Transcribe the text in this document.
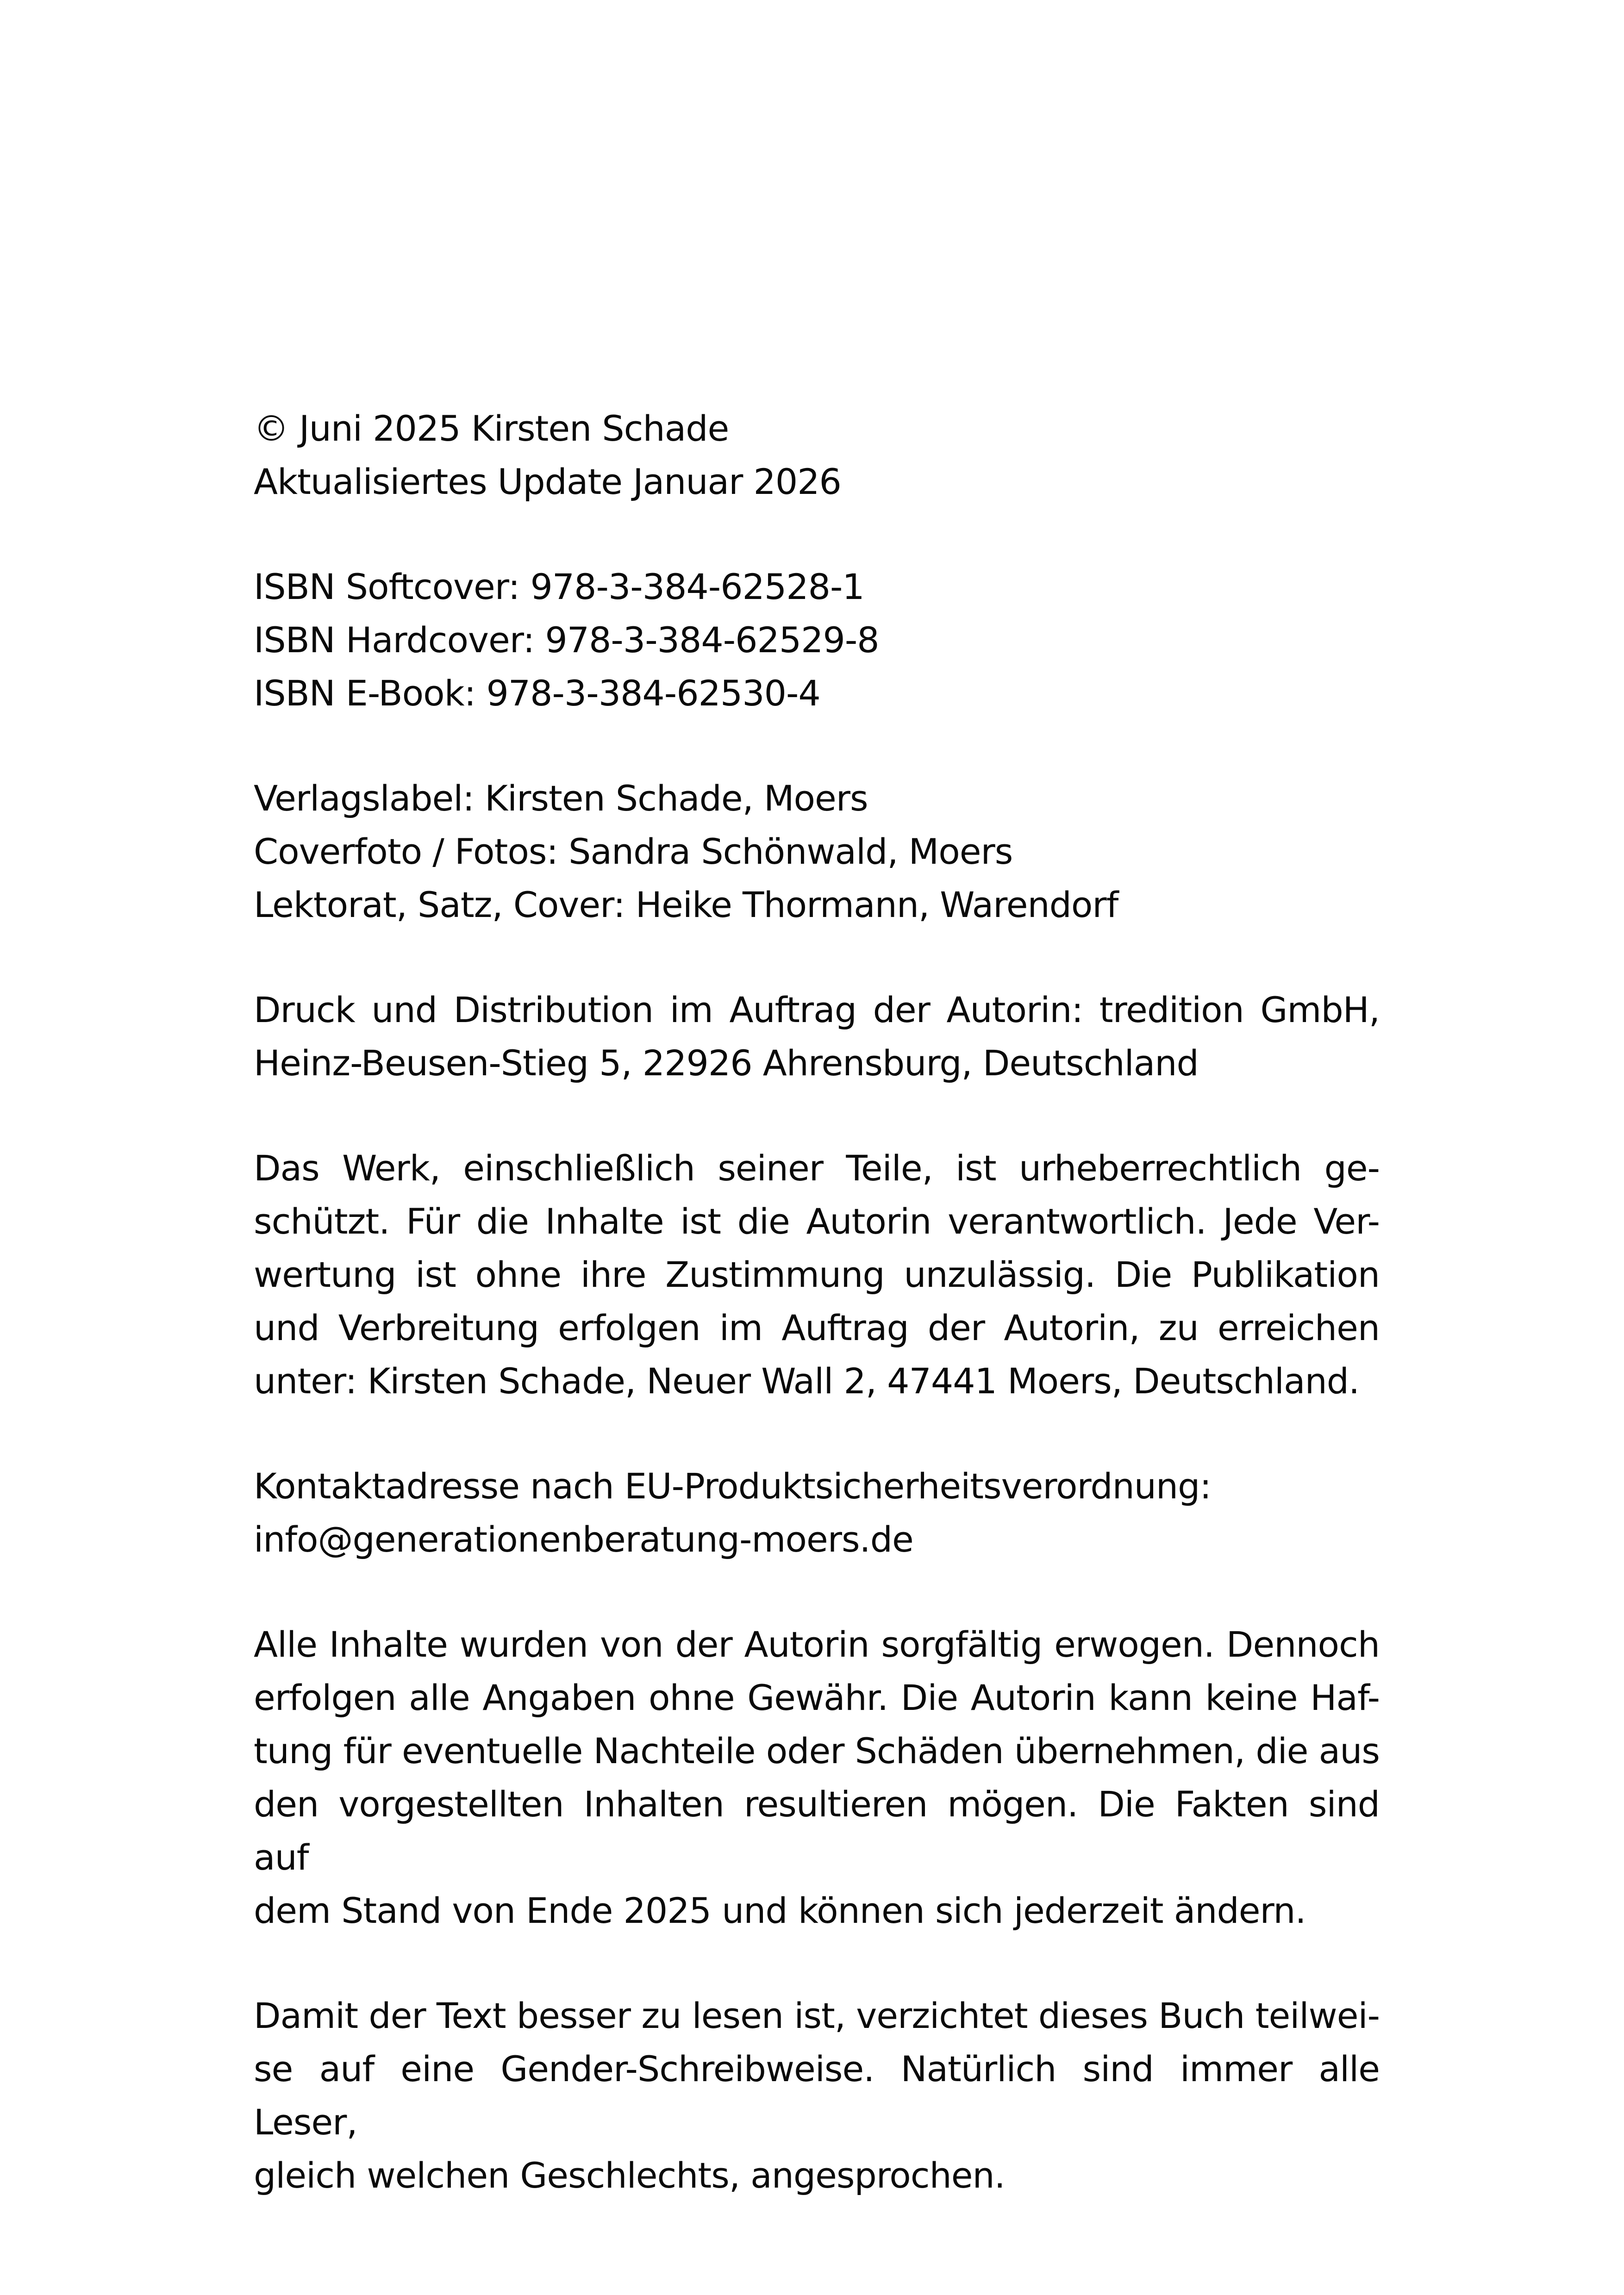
© Juni 2025 Kirsten Schade
Aktualisiertes Update Januar 2026
ISBN Softcover: 978-3-384-62528-1
ISBN Hardcover: 978-3-384-62529-8
ISBN E-Book: 978-3-384-62530-4
Verlagslabel: Kirsten Schade, Moers
Coverfoto / Fotos: Sandra Schönwald, Moers
Lektorat, Satz, Cover: Heike Thormann, Warendorf
Druck und Distribution im Auftrag der Autorin: tredition GmbH,
Heinz-Beusen-Stieg 5, 22926 Ahrensburg, Deutschland
Das Werk, einschließlich seiner Teile, ist urheberrechtlich ge-
schützt. Für die Inhalte ist die Autorin verantwortlich. Jede Ver-
wertung ist ohne ihre Zustimmung unzulässig. Die Publikation
und Verbreitung erfolgen im Auftrag der Autorin, zu erreichen
unter: Kirsten Schade, Neuer Wall 2, 47441 Moers, Deutschland.
Kontaktadresse nach EU-Produktsicherheitsverordnung:
info@generationenberatung-moers.de
Alle Inhalte wurden von der Autorin sorgfältig erwogen. Dennoch
erfolgen alle Angaben ohne Gewähr. Die Autorin kann keine Haf-
tung für eventuelle Nachteile oder Schäden übernehmen, die aus
den vorgestellten Inhalten resultieren mögen. Die Fakten sind auf
dem Stand von Ende 2025 und können sich jederzeit ändern.
Damit der Text besser zu lesen ist, verzichtet dieses Buch teilwei-
se auf eine Gender-Schreibweise. Natürlich sind immer alle Leser,
gleich welchen Geschlechts, angesprochen.
